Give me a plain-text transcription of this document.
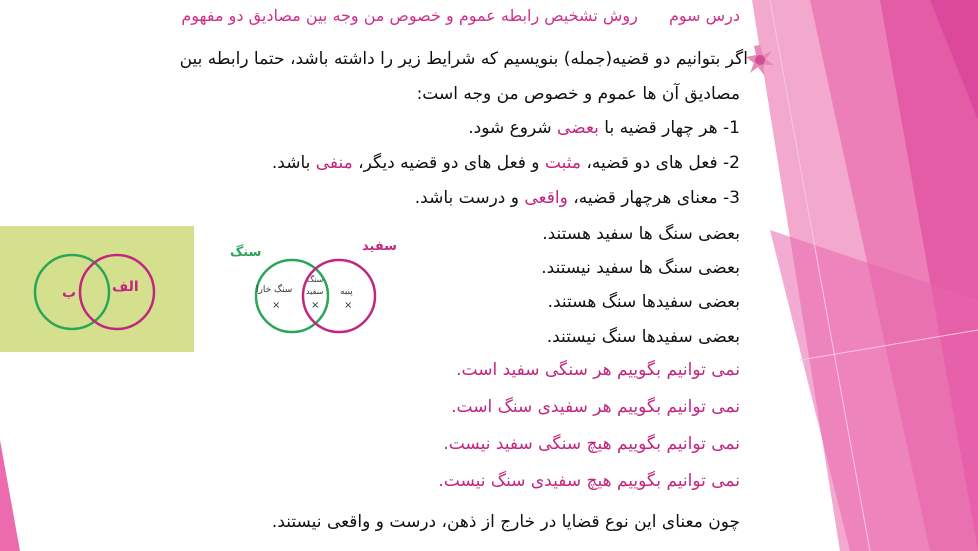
درس سوم روش تشخیص رابطه عموم و خصوص من وجه بین مصادیق دو مفهوم
اگر بتوانیم دو قضیه(جمله) بنویسیم که شرایط زیر را داشته باشد، حتما رابطه بین
مصادیق آن ها عموم و خصوص من وجه است:
1- هر چهار قضیه با بعضی شروع شود.
2- فعل های دو قضیه، مثبت و فعل های دو قضیه دیگر، منفی باشد.
3- معنای هرچهار قضیه، واقعی و درست باشد.
بعضی سنگ ها سفید هستند.
بعضی سنگ ها سفید نیستند.
بعضی سفیدها سنگ هستند.
بعضی سفیدها سنگ نیستند.
نمی توانیم بگوییم هر سنگی سفید است.
نمی توانیم بگوییم هر سفیدی سنگ است.
نمی توانیم بگوییم هیچ سنگی سفید نیست.
نمی توانیم بگوییم هیچ سفیدی سنگ نیست.
چون معنای این نوع قضایا در خارج از ذهن، درست و واقعی نیستند.
ب	الف
سنگ	سفید
سنگ خارا
سنگ
سفید پنبه
×	× ×
